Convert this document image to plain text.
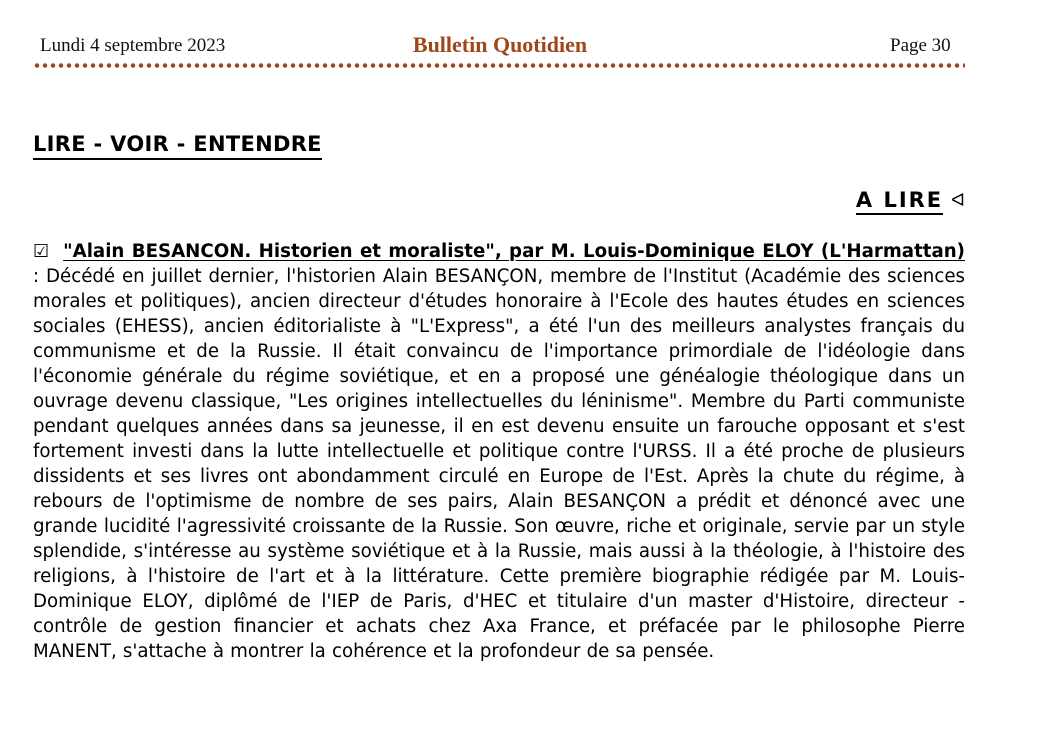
Lundi 4 septembre 2023	Bulletin Quotidien	Page 30
LIRE - VOIR - ENTENDRE
A LIRE ᐊ
☑ "Alain BESANCON. Historien et moraliste", par M. Louis-Dominique ELOY (L'Harmattan) : Décédé en juillet dernier, l'historien Alain BESANÇON, membre de l'Institut (Académie des sciences morales et politiques), ancien directeur d'études honoraire à l'Ecole des hautes études en sciences sociales (EHESS), ancien éditorialiste à "L'Express", a été l'un des meilleurs analystes français du communisme et de la Russie. Il était convaincu de l'importance primordiale de l'idéologie dans l'économie générale du régime soviétique, et en a proposé une généalogie théologique dans un ouvrage devenu classique, "Les origines intellectuelles du léninisme". Membre du Parti communiste pendant quelques années dans sa jeunesse, il en est devenu ensuite un farouche opposant et s'est fortement investi dans la lutte intellectuelle et politique contre l'URSS. Il a été proche de plusieurs dissidents et ses livres ont abondamment circulé en Europe de l'Est. Après la chute du régime, à rebours de l'optimisme de nombre de ses pairs, Alain BESANÇON a prédit et dénoncé avec une grande lucidité l'agressivité croissante de la Russie. Son œuvre, riche et originale, servie par un style splendide, s'intéresse au système soviétique et à la Russie, mais aussi à la théologie, à l'histoire des religions, à l'histoire de l'art et à la littérature. Cette première biographie rédigée par M. Louis-Dominique ELOY, diplômé de l'IEP de Paris, d'HEC et titulaire d'un master d'Histoire, directeur - contrôle de gestion financier et achats chez Axa France, et préfacée par le philosophe Pierre MANENT, s'attache à montrer la cohérence et la profondeur de sa pensée.
